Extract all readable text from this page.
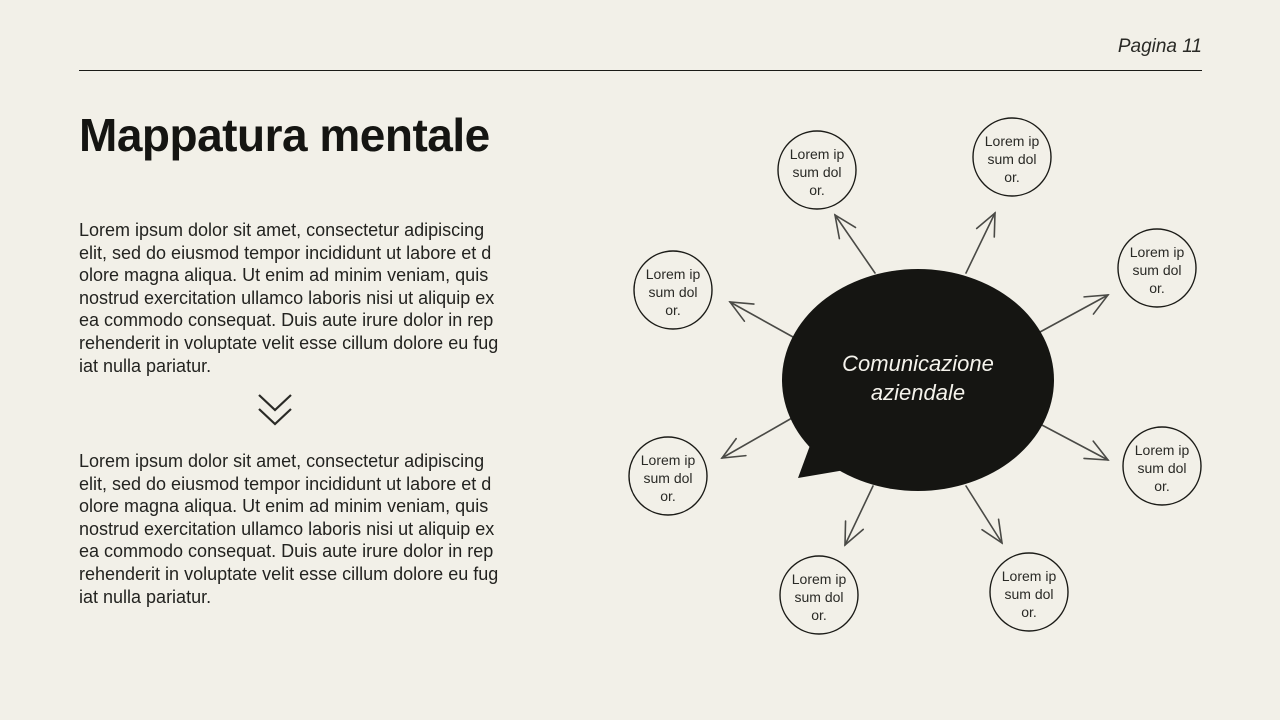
Pagina 11
Mappatura mentale

Lorem ipsum dolor sit amet, consectetur adipiscing elit, sed do eiusmod tempor incididunt ut labore et dolore magna aliqua. Ut enim ad minim veniam, quis nostrud exercitation ullamco laboris nisi ut aliquip ex ea commodo consequat. Duis aute irure dolor in reprehenderit in voluptate velit esse cillum dolore eu fugiat nulla pariatur.

Lorem ipsum dolor sit amet, consectetur adipiscing elit, sed do eiusmod tempor incididunt ut labore et dolore magna aliqua. Ut enim ad minim veniam, quis nostrud exercitation ullamco laboris nisi ut aliquip ex ea commodo consequat. Duis aute irure dolor in reprehenderit in voluptate velit esse cillum dolore eu fugiat nulla pariatur.

Comunicazione
aziendale
Lorem ip
sum dol
or.
Lorem ip
sum dol
or.
Lorem ip
sum dol
or.
Lorem ip
sum dol
or.
Lorem ip
sum dol
or.
Lorem ip
sum dol
or.
Lorem ip
sum dol
or.
Lorem ip
sum dol
or.
